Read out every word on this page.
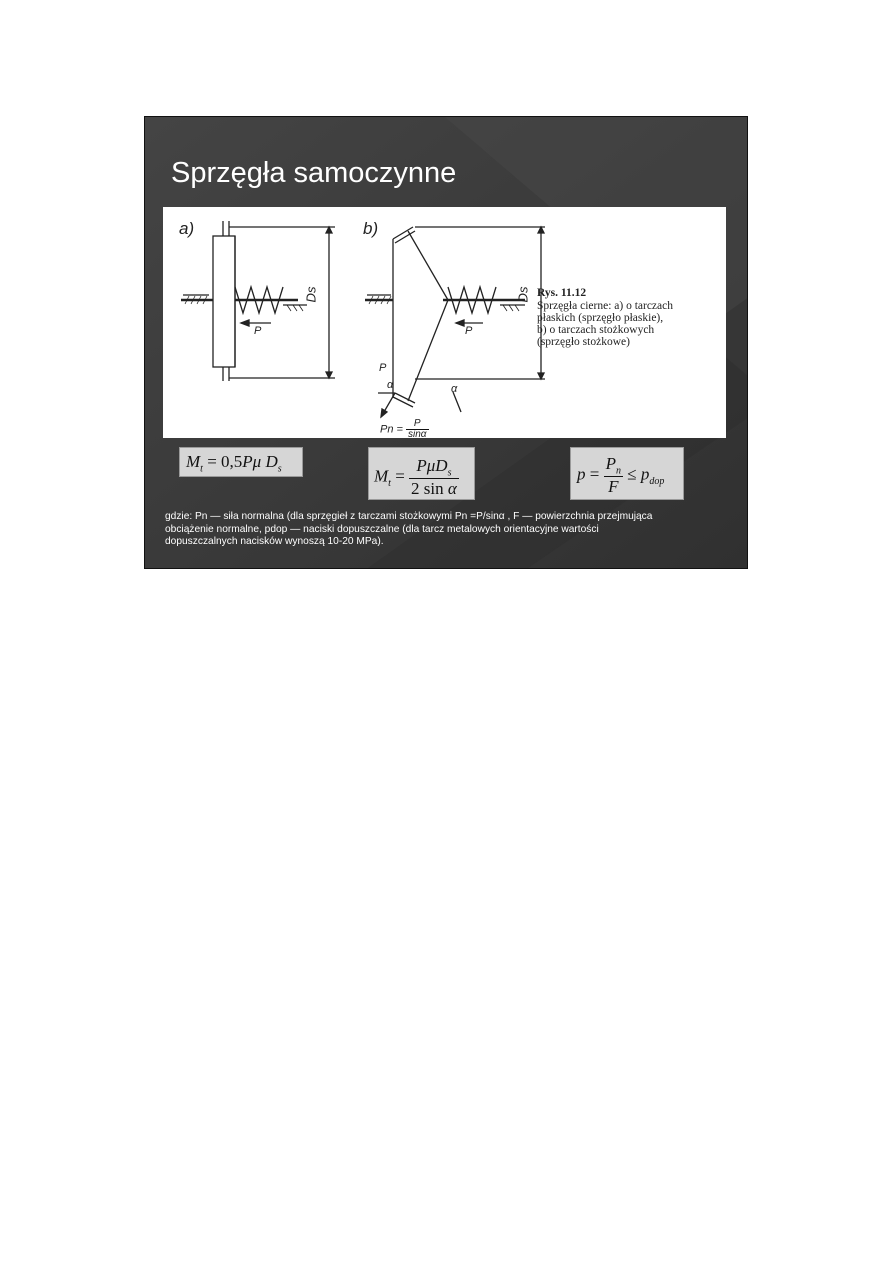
Sprzęgła samoczynne
a)	b)
Ds	Ds
P	P
P
α	α
$Pn = \frac{P}{\sin\alpha}$
Rys. 11.12
Sprzęgła cierne: a) o tarczach
płaskich (sprzęgło płaskie),
b) o tarczach stożkowych
(sprzęgło stożkowe)
$M_t = 0,5P\mu$ $D_s$	$M_t = \frac{P\mu D_s}{\text{2 sin α}}$	$p = \frac{P_n}{F} \le p_{dop}$
gdzie: Pn — siła normalna (dla sprzęgieł z tarczami stożkowymi Pn =P/sinα , F — powierzchnia przejmująca
obciążenie normalne, pdop — naciski dopuszczalne (dla tarcz metalowych orientacyjne wartości
dopuszczalnych nacisków wynoszą 10-20 MPa).
